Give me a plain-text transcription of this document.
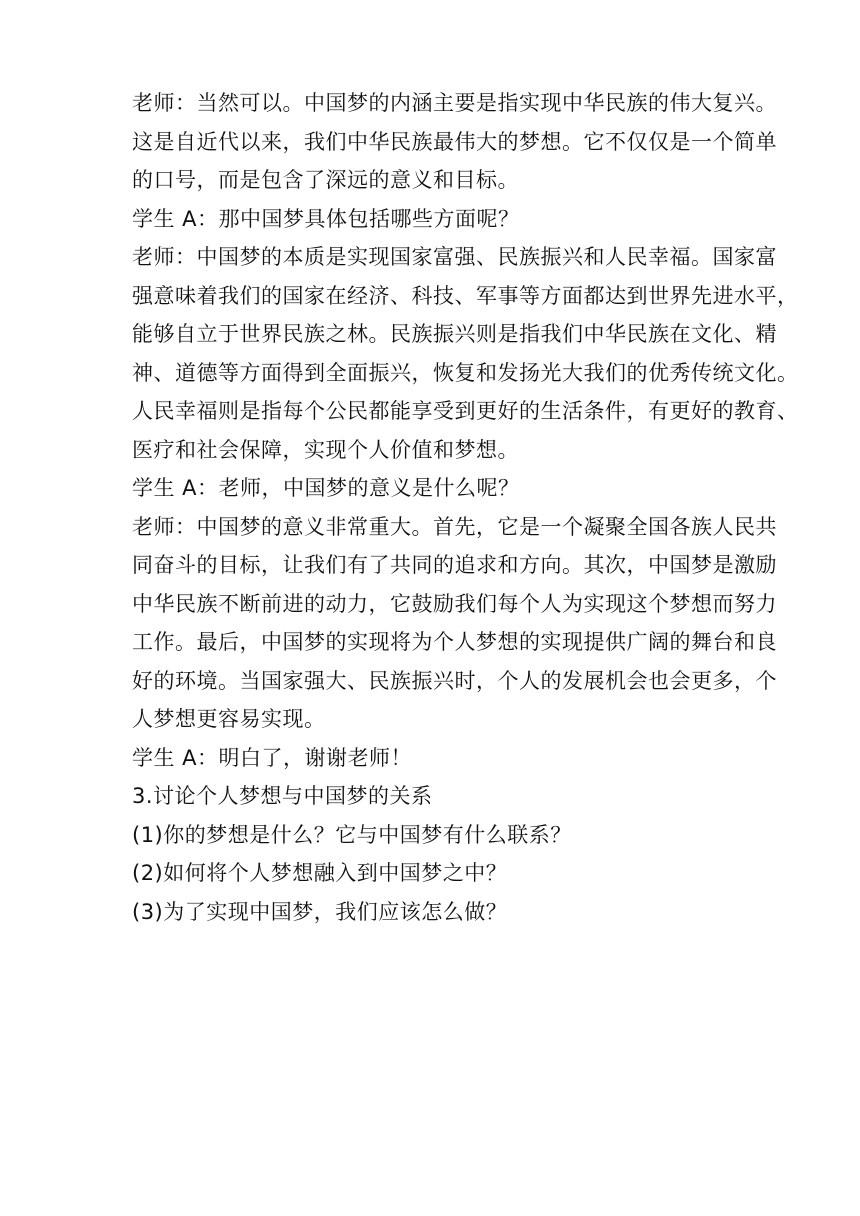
老师：当然可以。中国梦的内涵主要是指实现中华民族的伟大复兴。
这是自近代以来，我们中华民族最伟大的梦想。它不仅仅是一个简单
的口号，而是包含了深远的意义和目标。

学生 A：那中国梦具体包括哪些方面呢？

老师：中国梦的本质是实现国家富强、民族振兴和人民幸福。国家富
强意味着我们的国家在经济、科技、军事等方面都达到世界先进水平，
能够自立于世界民族之林。民族振兴则是指我们中华民族在文化、精
神、道德等方面得到全面振兴，恢复和发扬光大我们的优秀传统文化。
人民幸福则是指每个公民都能享受到更好的生活条件，有更好的教育、
医疗和社会保障，实现个人价值和梦想。

学生 A：老师，中国梦的意义是什么呢？

老师：中国梦的意义非常重大。首先，它是一个凝聚全国各族人民共
同奋斗的目标，让我们有了共同的追求和方向。其次，中国梦是激励
中华民族不断前进的动力，它鼓励我们每个人为实现这个梦想而努力
工作。最后，中国梦的实现将为个人梦想的实现提供广阔的舞台和良
好的环境。当国家强大、民族振兴时，个人的发展机会也会更多，个
人梦想更容易实现。

学生 A：明白了，谢谢老师！

3.讨论个人梦想与中国梦的关系

(1)你的梦想是什么？它与中国梦有什么联系？

(2)如何将个人梦想融入到中国梦之中？

(3)为了实现中国梦，我们应该怎么做？
